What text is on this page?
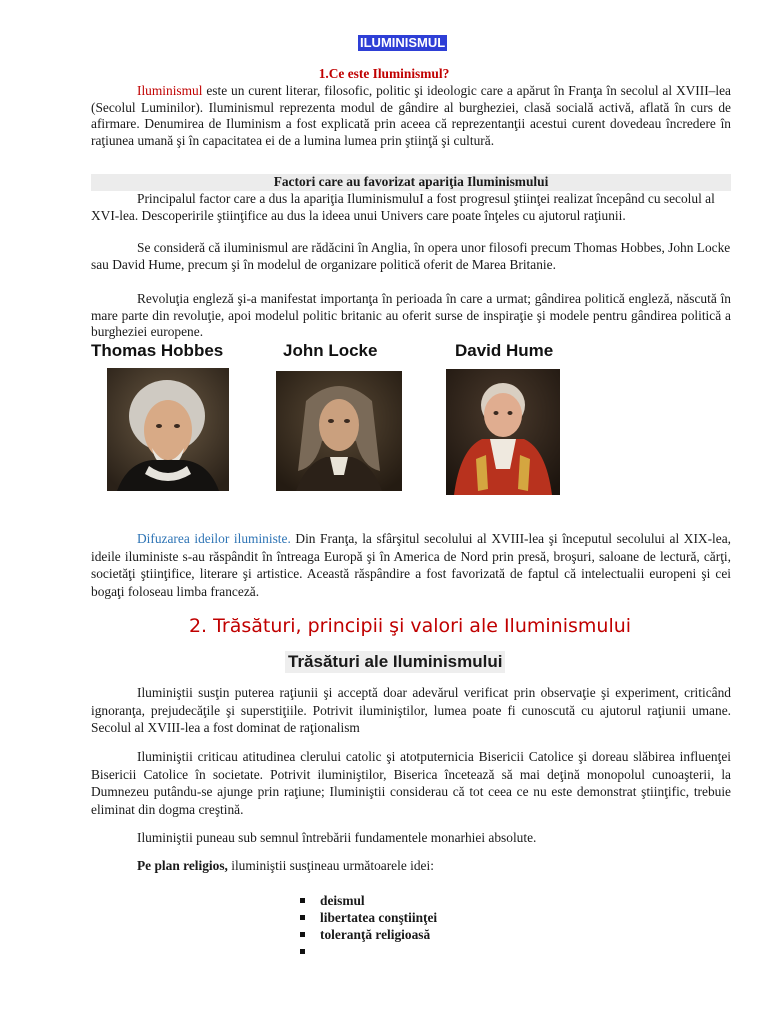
ILUMINISMUL
1.Ce este Iluminismul?

Iluminismul este un curent literar, filosofic, politic şi ideologic care a apărut în Franţa în secolul al XVIII–lea (Secolul Luminilor). Iluminismul reprezenta modul de gândire al burgheziei, clasă socială activă, aflată în curs de afirmare. Denumirea de Iluminism a fost explicată prin aceea că reprezentanţii acestui curent dovedeau încredere în raţiunea umană şi în capacitatea ei de a lumina lumea prin ştiinţă şi cultură.

Factori care au favorizat apariţia Iluminismului

Principalul factor care a dus la apariţia IluminismuluI a fost progresul ştiinţei realizat începând cu secolul al XVI-lea. Descoperirile ştiinţifice au dus la ideea unui Univers care poate înţeles cu ajutorul raţiunii.

Se consideră că iluminismul are rădăcini în Anglia, în opera unor filosofi precum Thomas Hobbes, John Locke sau David Hume, precum şi în modelul de organizare politică oferit de Marea Britanie.

Revoluţia engleză şi-a manifestat importanţa în perioada în care a urmat; gândirea politică engleză, născută în mare parte din revoluţie, apoi modelul politic britanic au oferit surse de inspiraţie şi modele pentru gândirea politică a burgheziei europene.

Thomas Hobbes	John Locke	David Hume

Difuzarea ideilor iluministe. Din Franţa, la sfârşitul secolului al XVIII-lea şi începutul secolului al XIX-lea, ideile iluministe s-au răspândit în întreaga Europă şi în America de Nord prin presă, broşuri, saloane de lectură, cărţi, societăţi ştiinţifice, literare şi artistice. Această răspândire a fost favorizată de faptul că intelectualii europeni şi cei bogaţi foloseau limba franceză.

2. Trăsături, principii şi valori ale Iluminismului
Trăsături ale Iluminismului

Iluminiştii susţin puterea raţiunii şi acceptă doar adevărul verificat prin observaţie şi experiment, criticând ignoranţa, prejudecăţile şi superstiţiile. Potrivit iluminiştilor, lumea poate fi cunoscută cu ajutorul raţiunii umane. Secolul al XVIII-lea a fost dominat de raţionalism

Iluminiştii criticau atitudinea clerului catolic şi atotputernicia Bisericii Catolice şi doreau slăbirea influenţei Bisericii Catolice în societate. Potrivit iluminiştilor, Biserica încetează să mai deţină monopolul cunoaşterii, la Dumnezeu putându-se ajunge prin raţiune; Iluminiştii considerau că tot ceea ce nu este demonstrat ştiinţific, trebuie eliminat din dogma creştină.

Iluminiştii puneau sub semnul întrebării fundamentele monarhiei absolute.

Pe plan religios, iluminiştii susţineau următoarele idei:

deismul
libertatea conştiinţei
toleranţă religioasă
